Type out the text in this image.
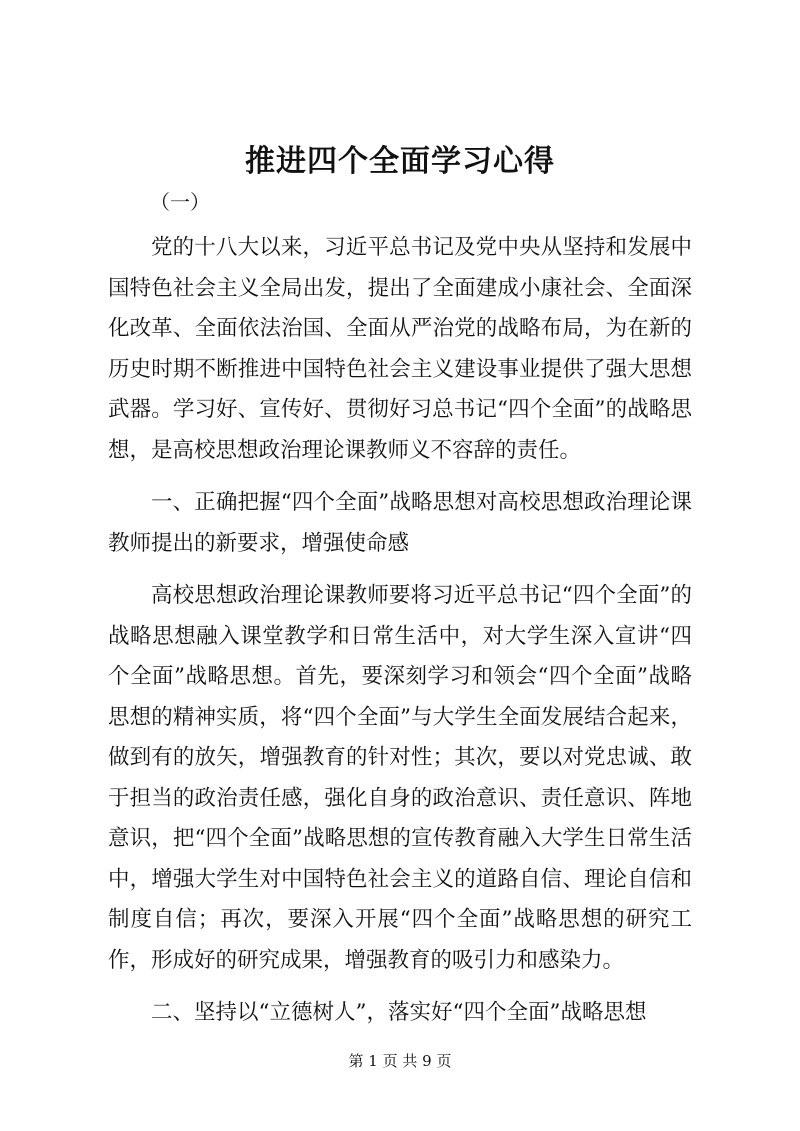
推进四个全面学习心得
（一）

党的十八大以来，习近平总书记及党中央从坚持和发展中国特色社会主义全局出发，提出了全面建成小康社会、全面深化改革、全面依法治国、全面从严治党的战略布局，为在新的历史时期不断推进中国特色社会主义建设事业提供了强大思想武器。学习好、宣传好、贯彻好习总书记“四个全面”的战略思想，是高校思想政治理论课教师义不容辞的责任。

一、正确把握“四个全面”战略思想对高校思想政治理论课教师提出的新要求，增强使命感

高校思想政治理论课教师要将习近平总书记“四个全面”的战略思想融入课堂教学和日常生活中，对大学生深入宣讲“四个全面”战略思想。首先，要深刻学习和领会“四个全面”战略思想的精神实质，将“四个全面”与大学生全面发展结合起来，做到有的放矢，增强教育的针对性；其次，要以对党忠诚、敢于担当的政治责任感，强化自身的政治意识、责任意识、阵地意识，把“四个全面”战略思想的宣传教育融入大学生日常生活中，增强大学生对中国特色社会主义的道路自信、理论自信和制度自信；再次，要深入开展“四个全面”战略思想的研究工作，形成好的研究成果，增强教育的吸引力和感染力。

二、坚持以“立德树人”，落实好“四个全面”战略思想

第 1 页 共 9 页
